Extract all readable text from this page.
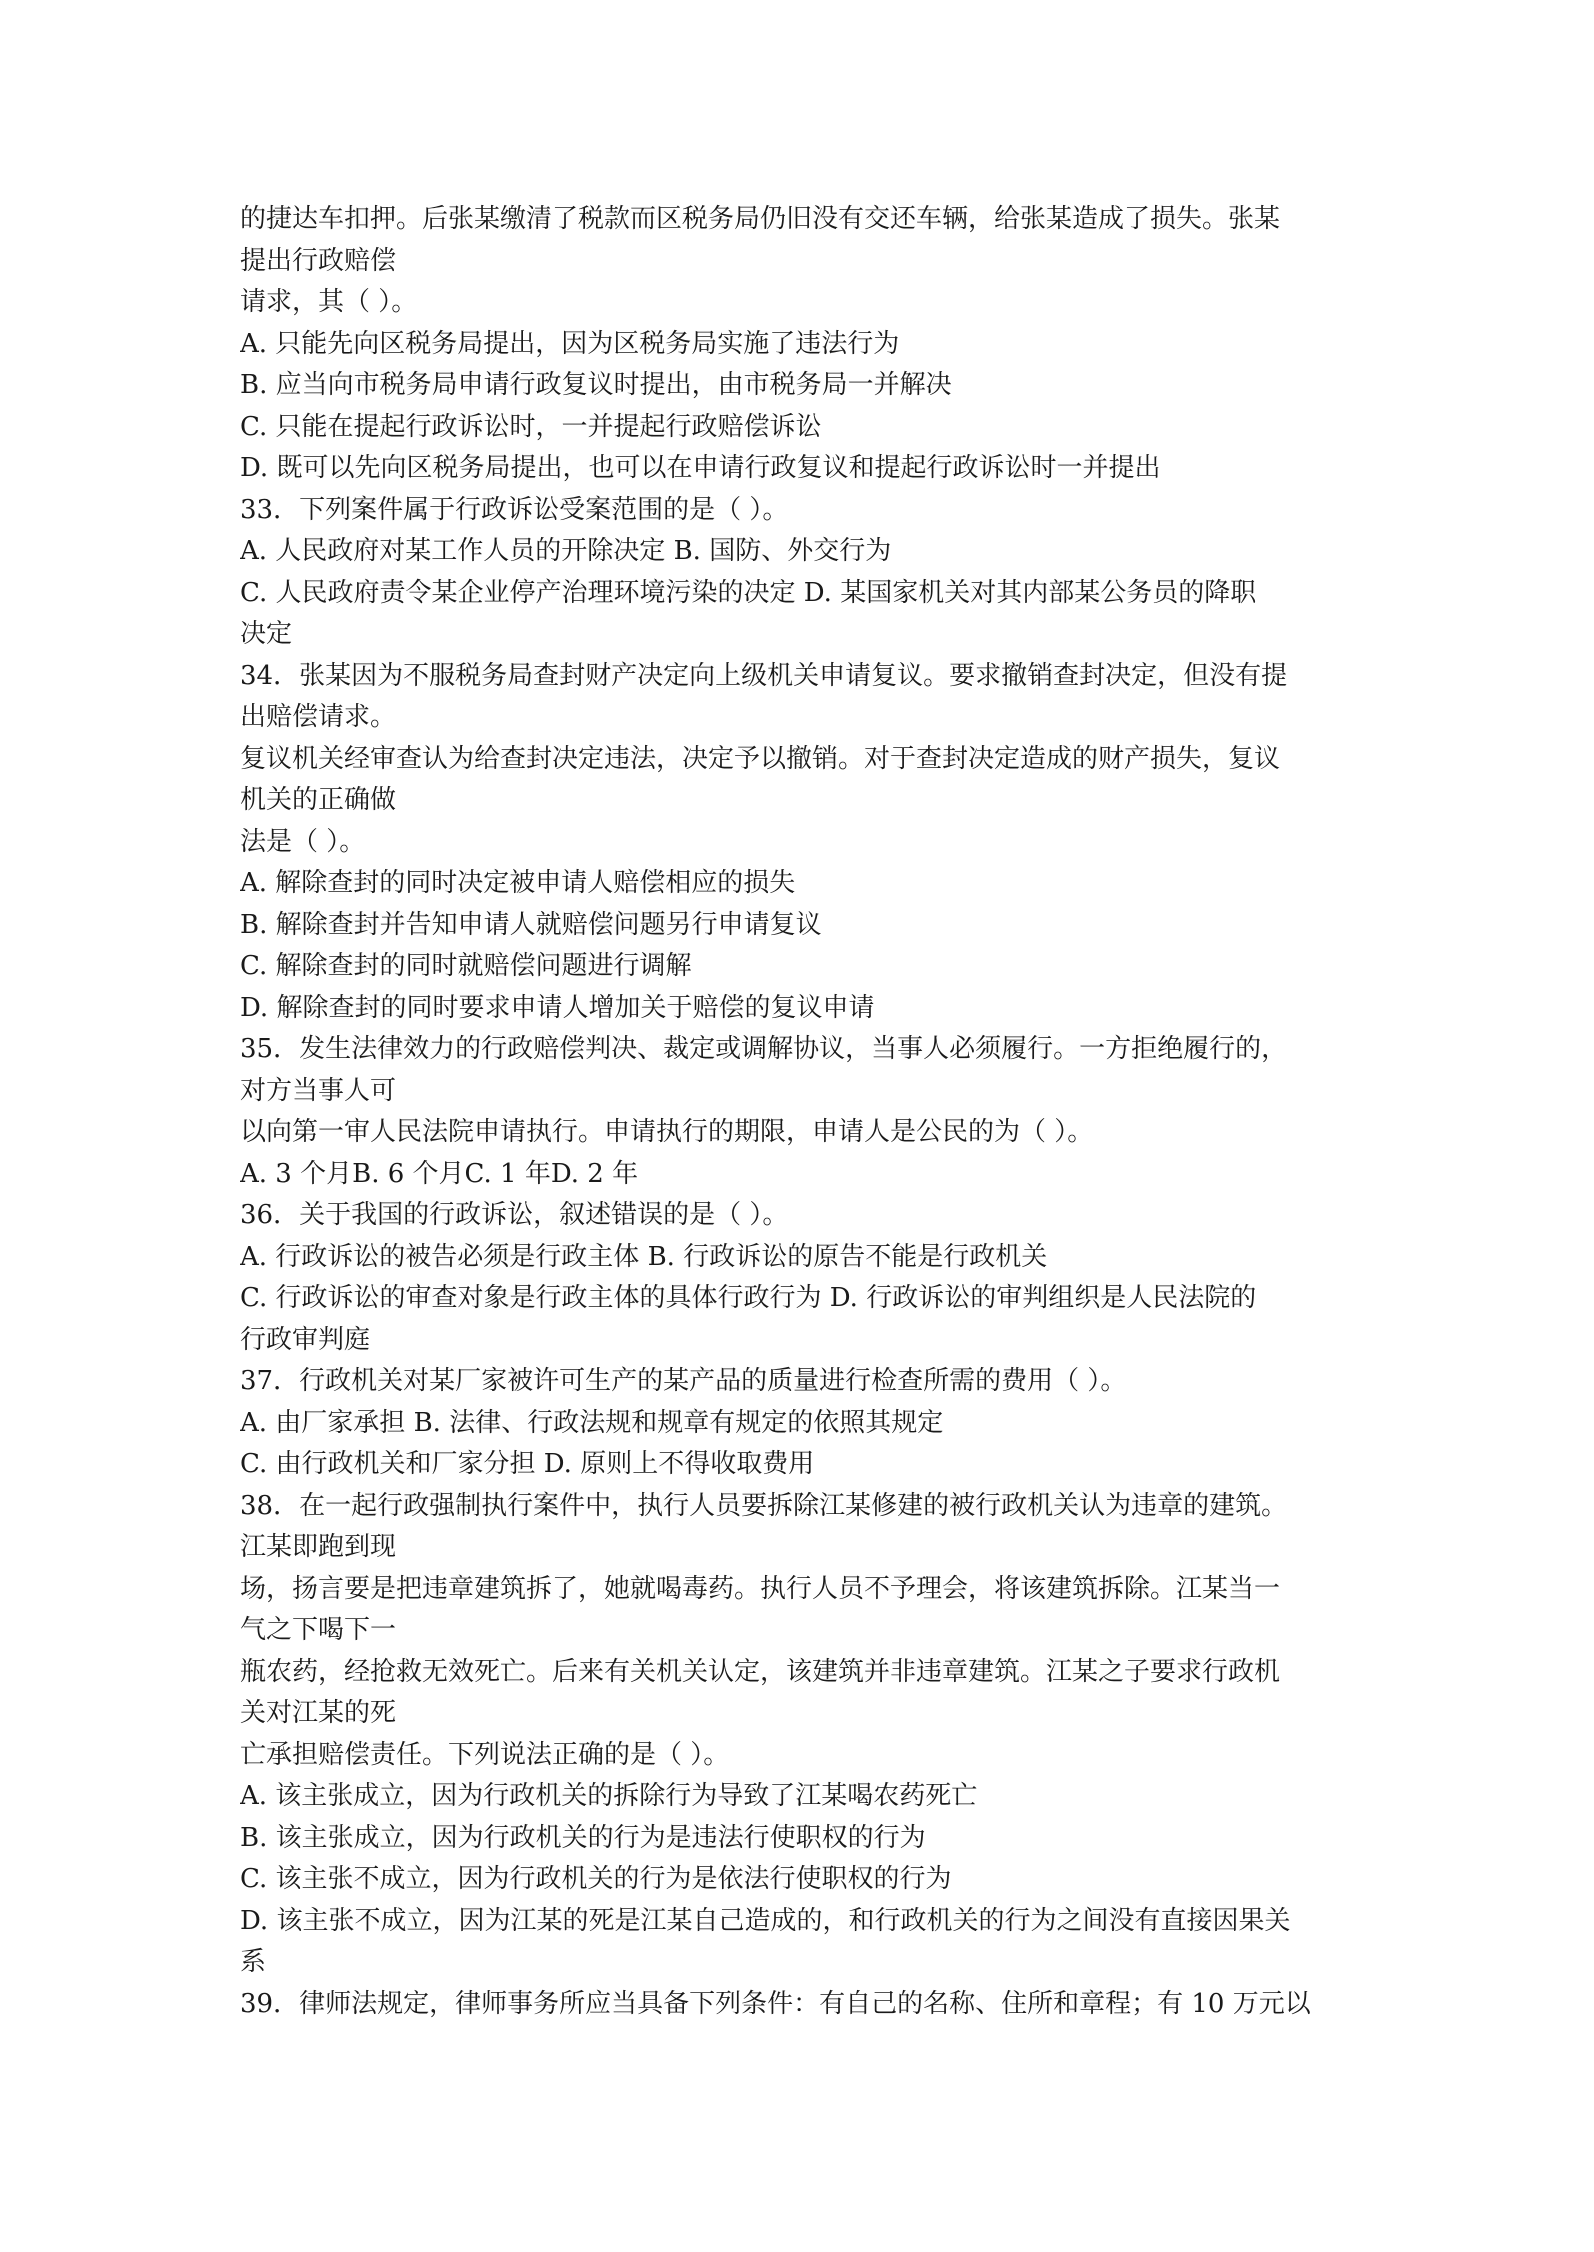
的捷达车扣押。后张某缴清了税款而区税务局仍旧没有交还车辆，给张某造成了损失。张某
提出行政赔偿
请求，其（ ）。
A. 只能先向区税务局提出，因为区税务局实施了违法行为
B. 应当向市税务局申请行政复议时提出，由市税务局一并解决
C. 只能在提起行政诉讼时，一并提起行政赔偿诉讼
D. 既可以先向区税务局提出，也可以在申请行政复议和提起行政诉讼时一并提出
33．下列案件属于行政诉讼受案范围的是（ ）。
A. 人民政府对某工作人员的开除决定 B. 国防、外交行为
C. 人民政府责令某企业停产治理环境污染的决定 D. 某国家机关对其内部某公务员的降职
决定
34．张某因为不服税务局查封财产决定向上级机关申请复议。要求撤销查封决定，但没有提
出赔偿请求。
复议机关经审查认为给查封决定违法，决定予以撤销。对于查封决定造成的财产损失，复议
机关的正确做
法是（ ）。
A. 解除查封的同时决定被申请人赔偿相应的损失
B. 解除查封并告知申请人就赔偿问题另行申请复议
C. 解除查封的同时就赔偿问题进行调解
D. 解除查封的同时要求申请人增加关于赔偿的复议申请
35．发生法律效力的行政赔偿判决、裁定或调解协议，当事人必须履行。一方拒绝履行的，
对方当事人可
以向第一审人民法院申请执行。申请执行的期限，申请人是公民的为（ ）。
A. 3 个月B. 6 个月C. 1 年D. 2 年
36．关于我国的行政诉讼，叙述错误的是（ ）。
A. 行政诉讼的被告必须是行政主体 B. 行政诉讼的原告不能是行政机关
C. 行政诉讼的审查对象是行政主体的具体行政行为 D. 行政诉讼的审判组织是人民法院的
行政审判庭
37．行政机关对某厂家被许可生产的某产品的质量进行检查所需的费用（ ）。
A. 由厂家承担 B. 法律、行政法规和规章有规定的依照其规定
C. 由行政机关和厂家分担 D. 原则上不得收取费用
38．在一起行政强制执行案件中，执行人员要拆除江某修建的被行政机关认为违章的建筑。
江某即跑到现
场，扬言要是把违章建筑拆了，她就喝毒药。执行人员不予理会，将该建筑拆除。江某当一
气之下喝下一
瓶农药，经抢救无效死亡。后来有关机关认定，该建筑并非违章建筑。江某之子要求行政机
关对江某的死
亡承担赔偿责任。下列说法正确的是（ ）。
A. 该主张成立，因为行政机关的拆除行为导致了江某喝农药死亡
B. 该主张成立，因为行政机关的行为是违法行使职权的行为
C. 该主张不成立，因为行政机关的行为是依法行使职权的行为
D. 该主张不成立，因为江某的死是江某自己造成的，和行政机关的行为之间没有直接因果关
系
39．律师法规定，律师事务所应当具备下列条件：有自己的名称、住所和章程；有 10 万元以
